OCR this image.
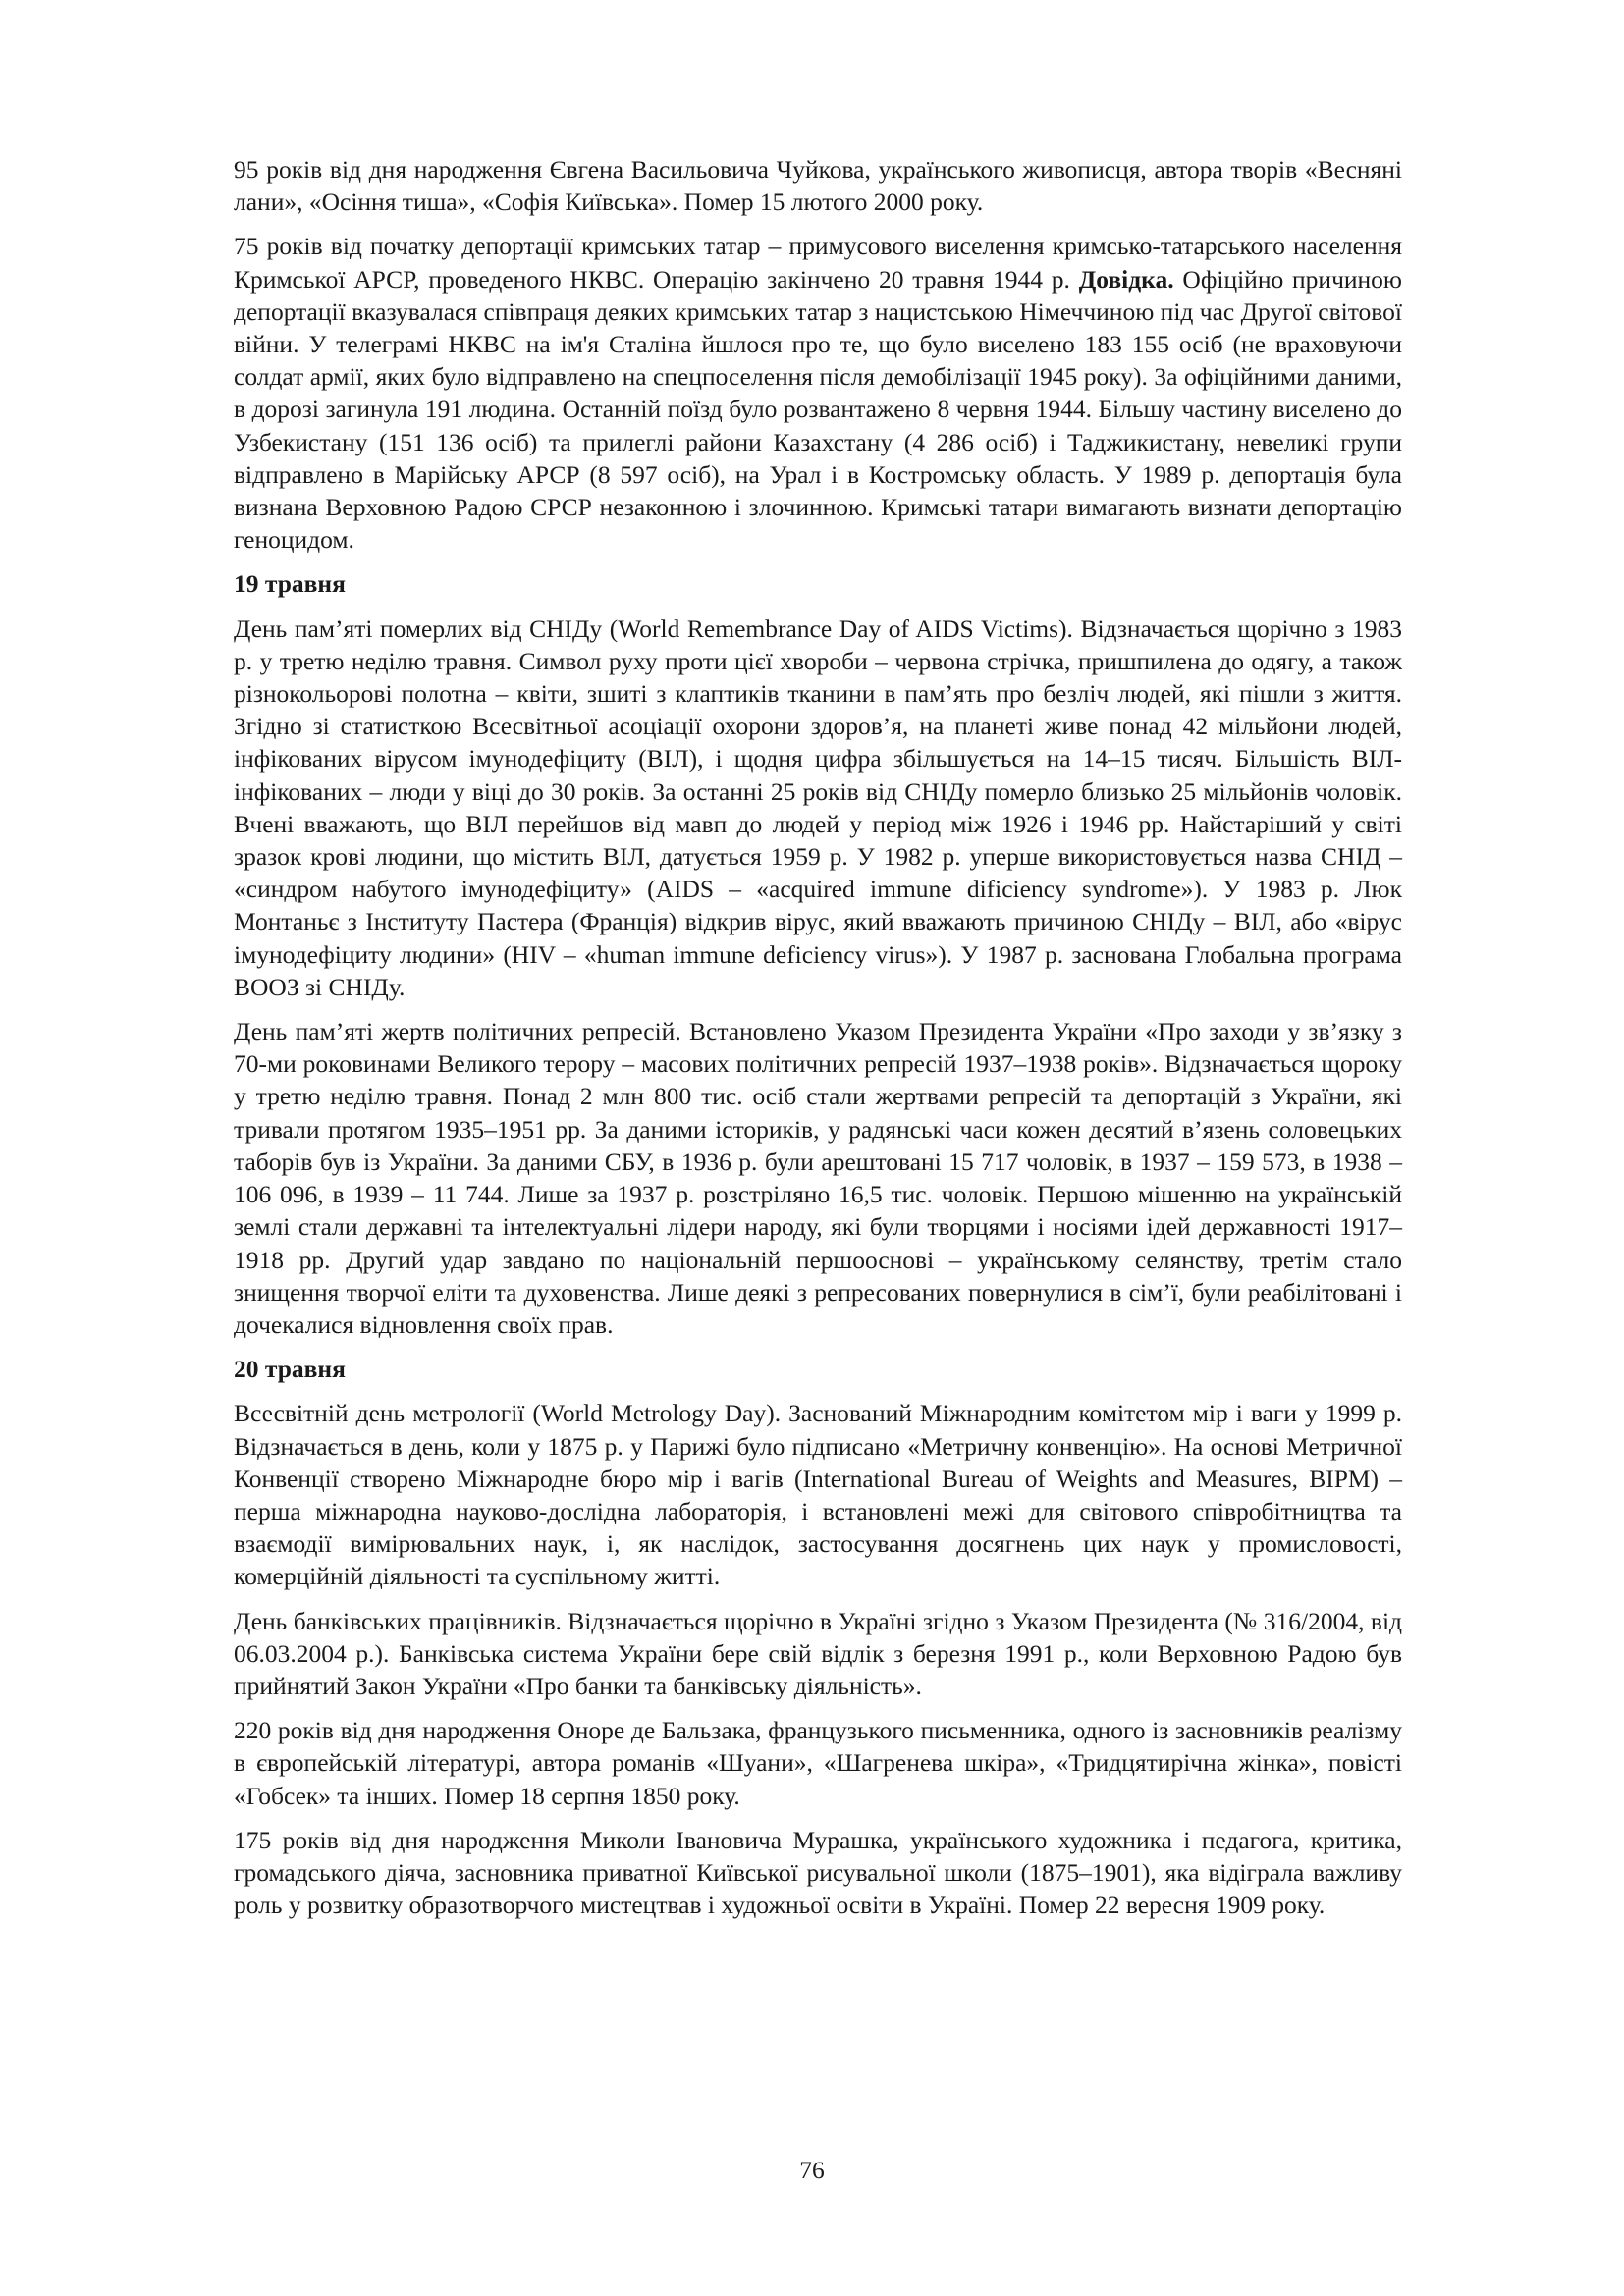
95 років від дня народження Євгена Васильовича Чуйкова, українського живописця, автора творів «Весняні лани», «Осіння тиша», «Софія Київська». Помер 15 лютого 2000 року.

75 років від початку депортації кримських татар – примусового виселення кримсько-татарського населення Кримської АРСР, проведеного НКВС. Операцію закінчено 20 травня 1944 р. Довідка. Офіційно причиною депортації вказувалася співпраця деяких кримських татар з нацистською Німеччиною під час Другої світової війни. У телеграмі НКВС на ім'я Сталіна йшлося про те, що було виселено 183 155 осіб (не враховуючи солдат армії, яких було відправлено на спецпоселення після демобілізації 1945 року). За офіційними даними, в дорозі загинула 191 людина. Останній поїзд було розвантажено 8 червня 1944. Більшу частину виселено до Узбекистану (151 136 осіб) та прилеглі райони Казахстану (4 286 осіб) і Таджикистану, невеликі групи відправлено в Марійську АРСР (8 597 осіб), на Урал і в Костромську область. У 1989 р. депортація була визнана Верховною Радою СРСР незаконною і злочинною. Кримські татари вимагають визнати депортацію геноцидом.

19 травня

День пам’яті померлих від СНІДу (World Remembrance Day of AIDS Victims). Відзначається щорічно з 1983 р. у третю неділю травня. Символ руху проти цієї хвороби – червона стрічка, пришпилена до одягу, а також різнокольорові полотна – квіти, зшиті з клаптиків тканини в пам’ять про безліч людей, які пішли з життя. Згідно зі статисткою Всесвітньої асоціації охорони здоров’я, на планеті живе понад 42 мільйони людей, інфікованих вірусом імунодефіциту (ВІЛ), і щодня цифра збільшується на 14–15 тисяч. Більшість ВІЛ-інфікованих – люди у віці до 30 років. За останні 25 років від СНІДу померло близько 25 мільйонів чоловік. Вчені вважають, що ВІЛ перейшов від мавп до людей у період між 1926 і 1946 рр. Найстаріший у світі зразок крові людини, що містить ВІЛ, датується 1959 р. У 1982 р. уперше використовується назва СНІД – «синдром набутого імунодефіциту» (AIDS – «acquired immune dificiency syndrome»). У 1983 р. Люк Монтаньє з Інституту Пастера (Франція) відкрив вірус, який вважають причиною СНІДу – ВІЛ, або «вірус імунодефіциту людини» (HIV – «human immune deficiency virus»). У 1987 р. заснована Глобальна програма ВООЗ зі СНІДу.

День пам’яті жертв політичних репресій. Встановлено Указом Президента України «Про заходи у зв’язку з 70-ми роковинами Великого терору – масових політичних репресій 1937–1938 років». Відзначається щороку у третю неділю травня. Понад 2 млн 800 тис. осіб стали жертвами репресій та депортацій з України, які тривали протягом 1935–1951 рр. За даними істориків, у радянські часи кожен десятий в’язень соловецьких таборів був із України. За даними СБУ, в 1936 р. були арештовані 15 717 чоловік, в 1937 – 159 573, в 1938 – 106 096, в 1939 – 11 744. Лише за 1937 р. розстріляно 16,5 тис. чоловік. Першою мішенню на українській землі стали державні та інтелектуальні лідери народу, які були творцями і носіями ідей державності 1917–1918 рр. Другий удар завдано по національній першооснові – українському селянству, третім стало знищення творчої еліти та духовенства. Лише деякі з репресованих повернулися в сім’ї, були реабілітовані і дочекалися відновлення своїх прав.

20 травня

Всесвітній день метрології (World Metrology Day). Заснований Міжнародним комітетом мір і ваги у 1999 р. Відзначається в день, коли у 1875 р. у Парижі було підписано «Метричну конвенцію». На основі Метричної Конвенції створено Міжнародне бюро мір і вагів (International Bureau of Weights and Measures, BIPM) – перша міжнародна науково-дослідна лабораторія, і встановлені межі для світового співробітництва та взаємодії вимірювальних наук, і, як наслідок, застосування досягнень цих наук у промисловості, комерційній діяльності та суспільному житті.

День банківських працівників. Відзначається щорічно в Україні згідно з Указом Президента (№ 316/2004, від 06.03.2004 р.). Банківська система України бере свій відлік з березня 1991 р., коли Верховною Радою був прийнятий Закон України «Про банки та банківську діяльність».

220 років від дня народження Оноре де Бальзака, французького письменника, одного із засновників реалізму в європейській літературі, автора романів «Шуани», «Шагренева шкіра», «Тридцятирічна жінка», повісті «Гобсек» та інших. Помер 18 серпня 1850 року.

175 років від дня народження Миколи Івановича Мурашка, українського художника і педагога, критика, громадського діяча, засновника приватної Київської рисувальної школи (1875–1901), яка відіграла важливу роль у розвитку образотворчого мистецтвав і художньої освіти в Україні. Помер 22 вересня 1909 року.

76
